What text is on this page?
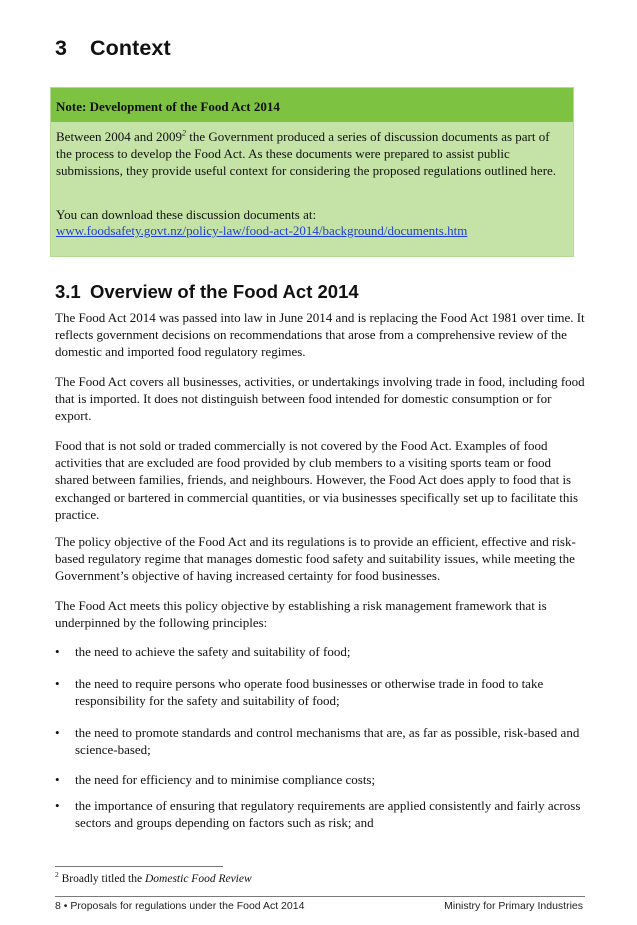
3 Context

Note: Development of the Food Act 2014

Between 2004 and 2009$^2$ the Government produced a series of discussion documents as part of the process to develop the Food Act. As these documents were prepared to assist public submissions, they provide useful context for considering the proposed regulations outlined here.

You can download these discussion documents at:

www.foodsafety.govt.nz/policy-law/food-act-2014/background/documents.htm

3.1 Overview of the Food Act 2014

The Food Act 2014 was passed into law in June 2014 and is replacing the Food Act 1981 over time. It reflects government decisions on recommendations that arose from a comprehensive review of the domestic and imported food regulatory regimes.

The Food Act covers all businesses, activities, or undertakings involving trade in food, including food that is imported. It does not distinguish between food intended for domestic consumption or for export.

Food that is not sold or traded commercially is not covered by the Food Act. Examples of food activities that are excluded are food provided by club members to a visiting sports team or food shared between families, friends, and neighbours. However, the Food Act does apply to food that is exchanged or bartered in commercial quantities, or via businesses specifically set up to facilitate this practice.

The policy objective of the Food Act and its regulations is to provide an efficient, effective and risk-based regulatory regime that manages domestic food safety and suitability issues, while meeting the Government’s objective of having increased certainty for food businesses.

The Food Act meets this policy objective by establishing a risk management framework that is underpinned by the following principles:

• the need to achieve the safety and suitability of food;
• the need to require persons who operate food businesses or otherwise trade in food to take responsibility for the safety and suitability of food;
• the need to promote standards and control mechanisms that are, as far as possible, risk-based and science-based;
• the need for efficiency and to minimise compliance costs;
• the importance of ensuring that regulatory requirements are applied consistently and fairly across sectors and groups depending on factors such as risk; and

$^2$ Broadly titled the Domestic Food Review

8 • Proposals for regulations under the Food Act 2014	Ministry for Primary Industries
